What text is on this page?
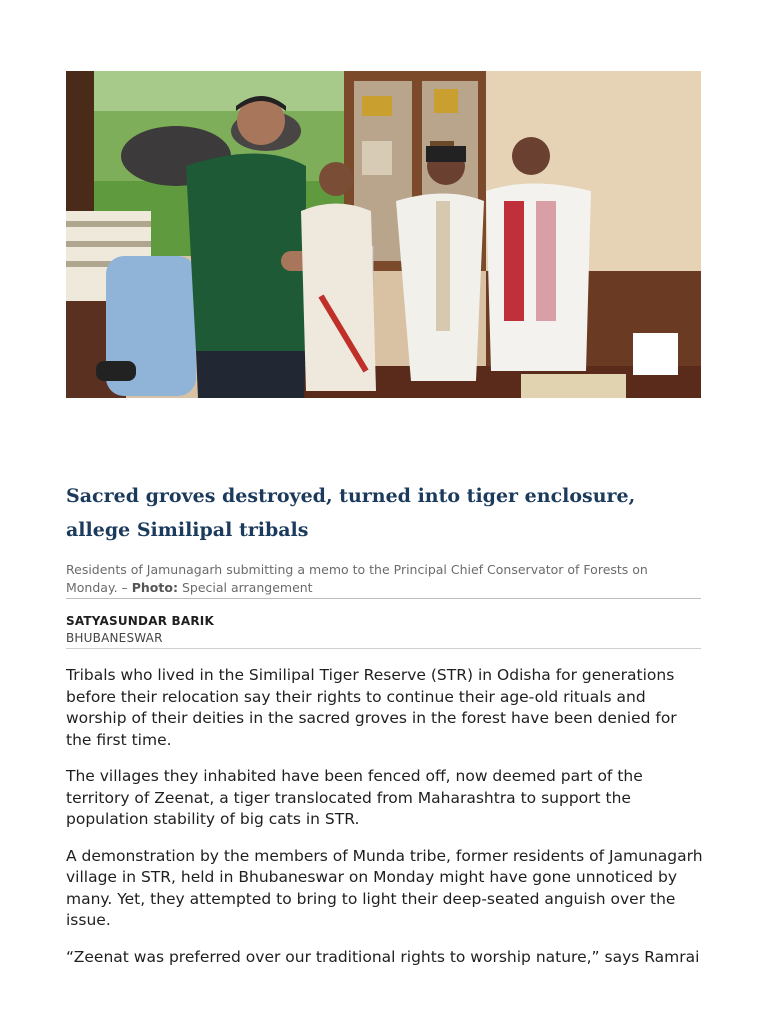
Sacred groves destroyed, turned into tiger enclosure, allege Similipal tribals
Residents of Jamunagarh submitting a memo to the Principal Chief Conservator of Forests on Monday. – Photo: Special arrangement
SATYASUNDAR BARIK
BHUBANESWAR

Tribals who lived in the Similipal Tiger Reserve (STR) in Odisha for generations before their relocation say their rights to continue their age-old rituals and worship of their deities in the sacred groves in the forest have been denied for the first time.

The villages they inhabited have been fenced off, now deemed part of the territory of Zeenat, a tiger translocated from Maharashtra to support the population stability of big cats in STR.

A demonstration by the members of Munda tribe, former residents of Jamunagarh village in STR, held in Bhubaneswar on Monday might have gone unnoticed by many. Yet, they attempted to bring to light their deep-seated anguish over the issue.

“Zeenat was preferred over our traditional rights to worship nature,” says Ramrai
